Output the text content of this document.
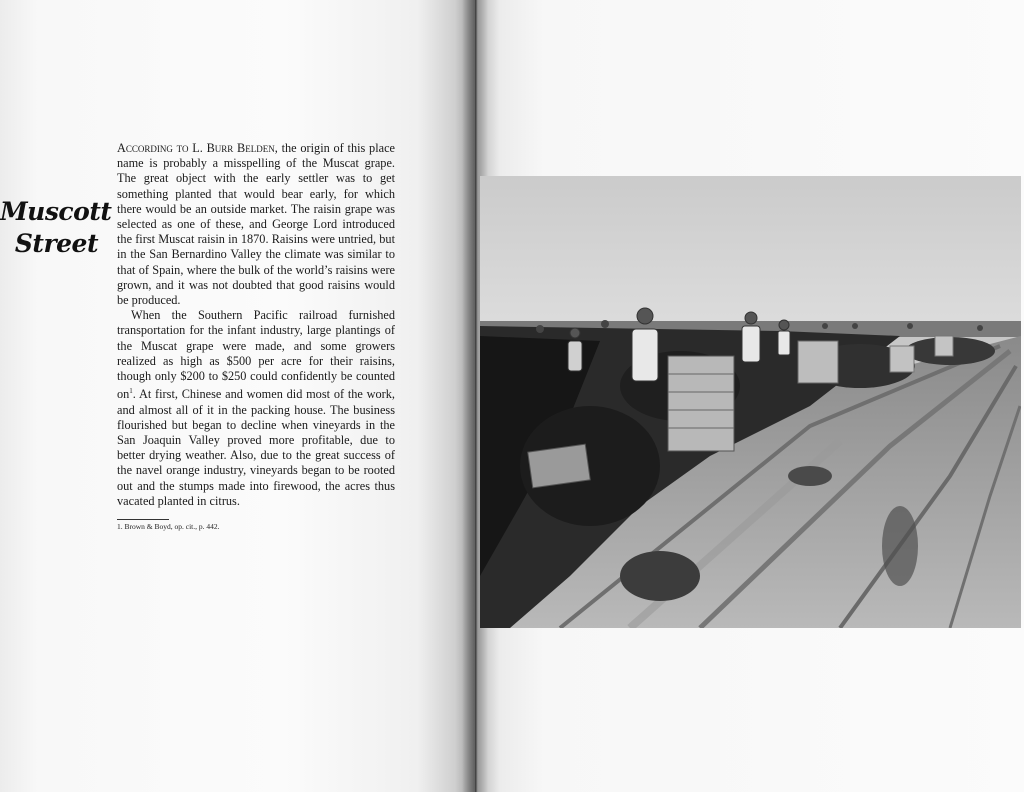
Muscott
Street

According to L. Burr Belden, the origin of this place name is probably a misspelling of the Muscat grape. The great object with the early settler was to get something planted that would bear early, for which there would be an outside market. The raisin grape was selected as one of these, and George Lord introduced the first Muscat raisin in 1870. Raisins were untried, but in the San Bernardino Valley the climate was similar to that of Spain, where the bulk of the world’s raisins were grown, and it was not doubted that good raisins would be produced.

When the Southern Pacific railroad furnished transportation for the infant industry, large plantings of the Muscat grape were made, and some growers realized as high as $500 per acre for their raisins, though only $200 to $250 could confidently be counted $on^1$. At first, Chinese and women did most of the work, and almost all of it in the packing house. The business flourished but began to decline when vineyards in the San Joaquin Valley proved more profitable, due to better drying weather. Also, due to the great success of the navel orange industry, vineyards began to be rooted out and the stumps made into firewood, the acres thus vacated planted in citrus.

1. Brown & Boyd, op. cit., p. 442.
